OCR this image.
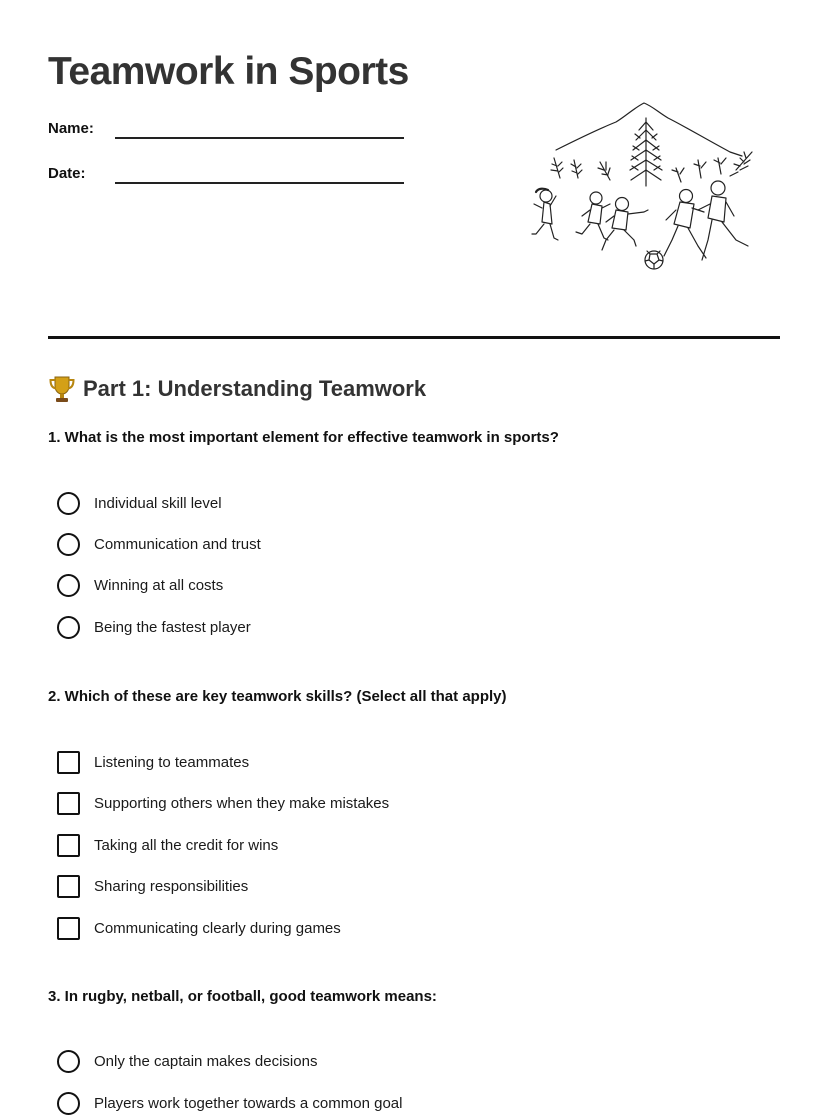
Teamwork in Sports
Name:
Date:
Part 1: Understanding Teamwork
1. What is the most important element for effective teamwork in sports?
Individual skill level
Communication and trust
Winning at all costs
Being the fastest player
2. Which of these are key teamwork skills? (Select all that apply)
Listening to teammates
Supporting others when they make mistakes
Taking all the credit for wins
Sharing responsibilities
Communicating clearly during games
3. In rugby, netball, or football, good teamwork means:
Only the captain makes decisions
Players work together towards a common goal
